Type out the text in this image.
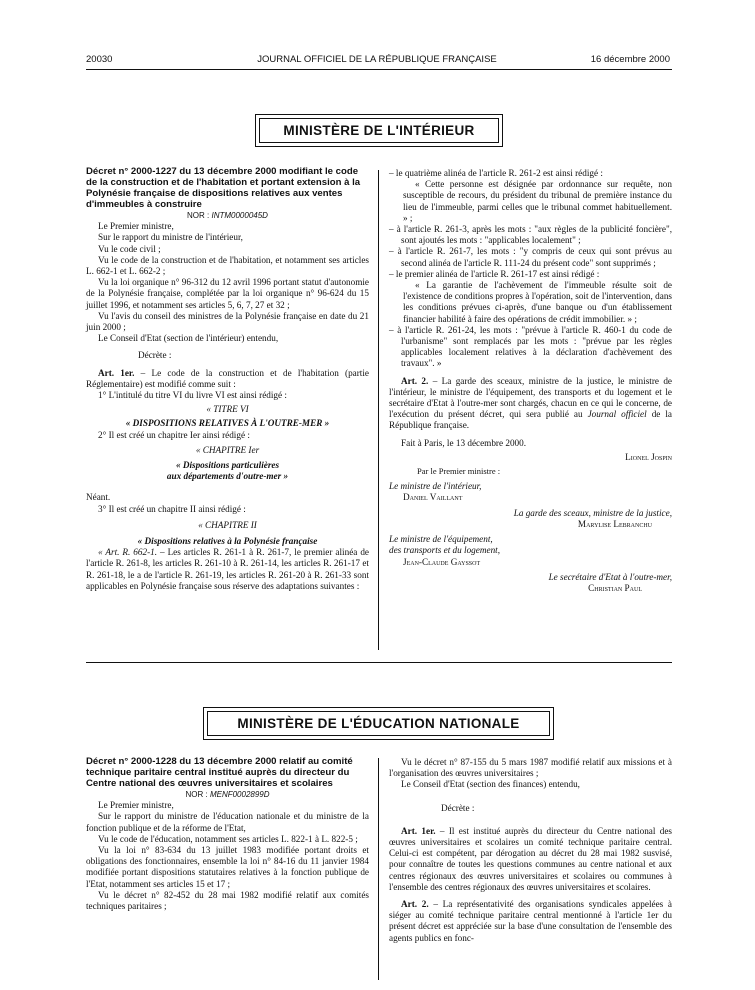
20030	JOURNAL OFFICIEL DE LA RÉPUBLIQUE FRANÇAISE	16 décembre 2000
MINISTÈRE DE L'INTÉRIEUR

Décret n° 2000-1227 du 13 décembre 2000 modifiant le code de la construction et de l'habitation et portant extension à la Polynésie française de dispositions relatives aux ventes d'immeubles à construire

NOR : INTM0000045D

Le Premier ministre,

Sur le rapport du ministre de l'intérieur,

Vu le code civil ;

Vu le code de la construction et de l'habitation, et notamment ses articles L. 662-1 et L. 662-2 ;

Vu la loi organique n° 96-312 du 12 avril 1996 portant statut d'autonomie de la Polynésie française, complétée par la loi organique n° 96-624 du 15 juillet 1996, et notamment ses articles 5, 6, 7, 27 et 32 ;

Vu l'avis du conseil des ministres de la Polynésie française en date du 21 juin 2000 ;

Le Conseil d'Etat (section de l'intérieur) entendu,

Décrète :

Art. 1er. – Le code de la construction et de l'habitation (partie Réglementaire) est modifié comme suit :

1° L'intitulé du titre VI du livre VI est ainsi rédigé :

« TITRE VI

« DISPOSITIONS RELATIVES À L'OUTRE-MER »

2° Il est créé un chapitre Ier ainsi rédigé :

« CHAPITRE Ier

« Dispositions particulières

aux départements d'outre-mer »

Néant.

3° Il est créé un chapitre II ainsi rédigé :

« CHAPITRE II

« Dispositions relatives à la Polynésie française

« Art. R. 662-1. – Les articles R. 261-1 à R. 261-7, le premier alinéa de l'article R. 261-8, les articles R. 261-10 à R. 261-14, les articles R. 261-17 et R. 261-18, le a de l'article R. 261-19, les articles R. 261-20 à R. 261-33 sont applicables en Polynésie française sous réserve des adaptations suivantes :

– le quatrième alinéa de l'article R. 261-2 est ainsi rédigé :

« Cette personne est désignée par ordonnance sur requête, non susceptible de recours, du président du tribunal de première instance du lieu de l'immeuble, parmi celles que le tribunal commet habituellement. » ;

– à l'article R. 261-3, après les mots : "aux règles de la publicité foncière", sont ajoutés les mots : "applicables localement" ;

– à l'article R. 261-7, les mots : "y compris de ceux qui sont prévus au second alinéa de l'article R. 111-24 du présent code" sont supprimés ;

– le premier alinéa de l'article R. 261-17 est ainsi rédigé :

« La garantie de l'achèvement de l'immeuble résulte soit de l'existence de conditions propres à l'opération, soit de l'intervention, dans les conditions prévues ci-après, d'une banque ou d'un établissement financier habilité à faire des opérations de crédit immobilier. » ;

– à l'article R. 261-24, les mots : "prévue à l'article R. 460-1 du code de l'urbanisme" sont remplacés par les mots : "prévue par les règles applicables localement relatives à la déclaration d'achèvement des travaux". »

Art. 2. – La garde des sceaux, ministre de la justice, le ministre de l'intérieur, le ministre de l'équipement, des transports et du logement et le secrétaire d'Etat à l'outre-mer sont chargés, chacun en ce qui le concerne, de l'exécution du présent décret, qui sera publié au Journal officiel de la République française.

Fait à Paris, le 13 décembre 2000.

Lionel Jospin

Par le Premier ministre :

Le ministre de l'intérieur,

Daniel Vaillant

La garde des sceaux, ministre de la justice,

Marylise Lebranchu

Le ministre de l'équipement,

des transports et du logement,

Jean-Claude Gayssot

Le secrétaire d'Etat à l'outre-mer,

Christian Paul

MINISTÈRE DE L'ÉDUCATION NATIONALE

Décret n° 2000-1228 du 13 décembre 2000 relatif au comité technique paritaire central institué auprès du directeur du Centre national des œuvres universitaires et scolaires

NOR : MENF0002899D

Le Premier ministre,

Sur le rapport du ministre de l'éducation nationale et du ministre de la fonction publique et de la réforme de l'Etat,

Vu le code de l'éducation, notamment ses articles L. 822-1 à L. 822-5 ;

Vu la loi n° 83-634 du 13 juillet 1983 modifiée portant droits et obligations des fonctionnaires, ensemble la loi n° 84-16 du 11 janvier 1984 modifiée portant dispositions statutaires relatives à la fonction publique de l'Etat, notamment ses articles 15 et 17 ;

Vu le décret n° 82-452 du 28 mai 1982 modifié relatif aux comités techniques paritaires ;

Vu le décret n° 87-155 du 5 mars 1987 modifié relatif aux missions et à l'organisation des œuvres universitaires ;

Le Conseil d'Etat (section des finances) entendu,

Décrète :

Art. 1er. – Il est institué auprès du directeur du Centre national des œuvres universitaires et scolaires un comité technique paritaire central. Celui-ci est compétent, par dérogation au décret du 28 mai 1982 susvisé, pour connaître de toutes les questions communes au centre national et aux centres régionaux des œuvres universitaires et scolaires ou communes à l'ensemble des centres régionaux des œuvres universitaires et scolaires.

Art. 2. – La représentativité des organisations syndicales appelées à siéger au comité technique paritaire central mentionné à l'article 1er du présent décret est appréciée sur la base d'une consultation de l'ensemble des agents publics en fonc-
